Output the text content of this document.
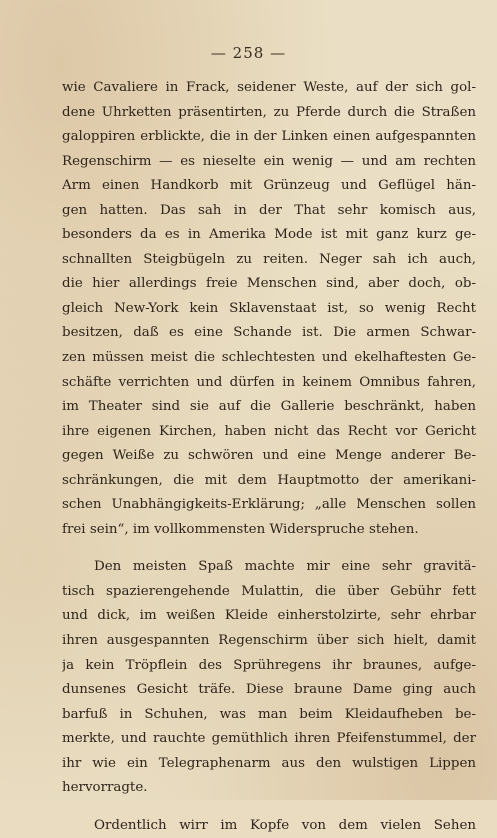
— 258 —
wie Cavaliere in Frack, seidener Weste, auf der sich gol-
dene Uhrketten präsentirten, zu Pferde durch die Straßen
galoppiren erblickte, die in der Linken einen aufgespannten
Regenschirm — es nieselte ein wenig — und am rechten
Arm einen Handkorb mit Grünzeug und Geflügel hän-
gen hatten. Das sah in der That sehr komisch aus,
besonders da es in Amerika Mode ist mit ganz kurz ge-
schnallten Steigbügeln zu reiten. Neger sah ich auch,
die hier allerdings freie Menschen sind, aber doch, ob-
gleich New-York kein Sklavenstaat ist, so wenig Recht
besitzen, daß es eine Schande ist. Die armen Schwar-
zen müssen meist die schlechtesten und ekelhaftesten Ge-
schäfte verrichten und dürfen in keinem Omnibus fahren,
im Theater sind sie auf die Gallerie beschränkt, haben
ihre eigenen Kirchen, haben nicht das Recht vor Gericht
gegen Weiße zu schwören und eine Menge anderer Be-
schränkungen, die mit dem Hauptmotto der amerikani-
schen Unabhängigkeits-Erklärung; „alle Menschen sollen
frei sein“, im vollkommensten Widerspruche stehen.
Den meisten Spaß machte mir eine sehr gravitä-
tisch spazierengehende Mulattin, die über Gebühr fett
und dick, im weißen Kleide einherstolzirte, sehr ehrbar
ihren ausgespannten Regenschirm über sich hielt, damit
ja kein Tröpflein des Sprühregens ihr braunes, aufge-
dunsenes Gesicht träfe. Diese braune Dame ging auch
barfuß in Schuhen, was man beim Kleidaufheben be-
merkte, und rauchte gemüthlich ihren Pfeifenstummel, der
ihr wie ein Telegraphenarm aus den wulstigen Lippen
hervorragte.
Ordentlich wirr im Kopfe von dem vielen Sehen
